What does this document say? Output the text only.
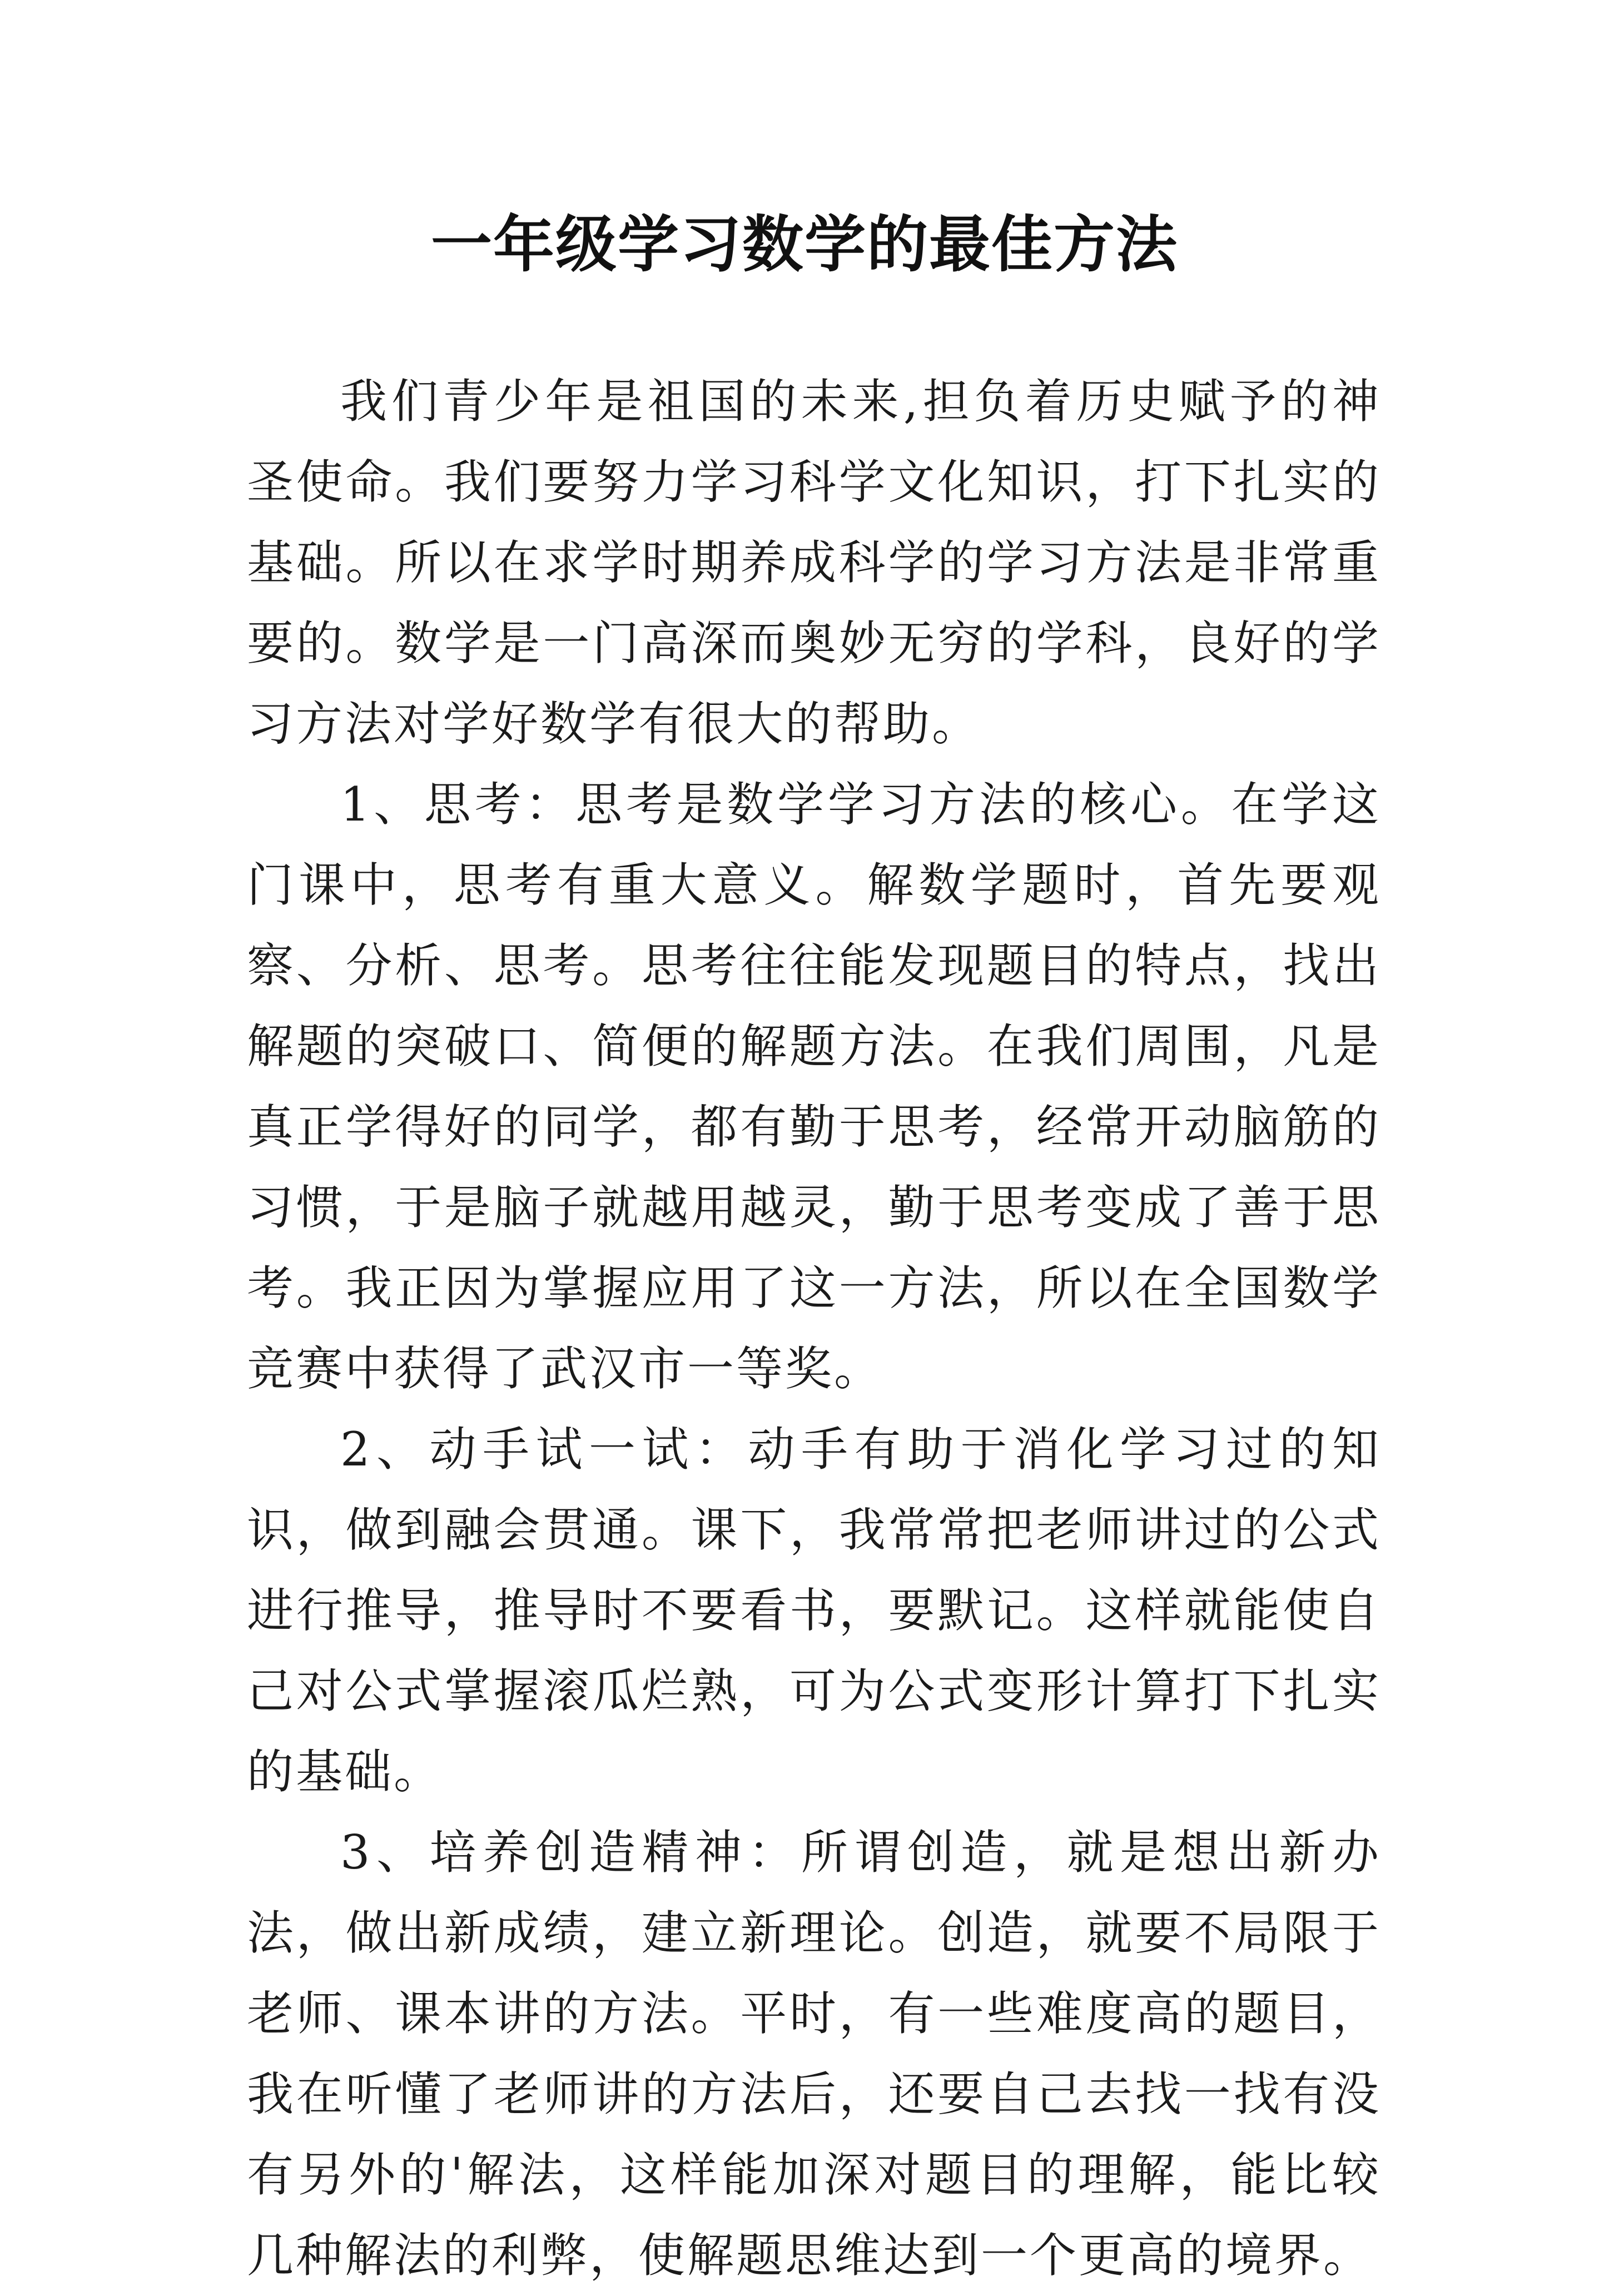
一年级学习数学的最佳方法

我们青少年是祖国的未来,担负着历史赋予的神圣使命。我们要努力学习科学文化知识，打下扎实的基础。所以在求学时期养成科学的学习方法是非常重要的。数学是一门高深而奥妙无穷的学科，良好的学习方法对学好数学有很大的帮助。

1、思考：思考是数学学习方法的核心。在学这门课中，思考有重大意义。解数学题时，首先要观察、分析、思考。思考往往能发现题目的特点，找出解题的突破口、简便的解题方法。在我们周围，凡是真正学得好的同学，都有勤于思考，经常开动脑筋的习惯，于是脑子就越用越灵，勤于思考变成了善于思考。我正因为掌握应用了这一方法，所以在全国数学竞赛中获得了武汉市一等奖。

2、动手试一试：动手有助于消化学习过的知识，做到融会贯通。课下，我常常把老师讲过的公式进行推导，推导时不要看书，要默记。这样就能使自己对公式掌握滚瓜烂熟，可为公式变形计算打下扎实的基础。

3、培养创造精神：所谓创造，就是想出新办法，做出新成绩，建立新理论。创造，就要不局限于老师、课本讲的方法。平时，有一些难度高的题目，我在听懂了老师讲的方法后，还要自己去找一找有没有另外的'解法，这样能加深对题目的理解，能比较几种解法的利弊，使解题思维达到一个更高的境界。
